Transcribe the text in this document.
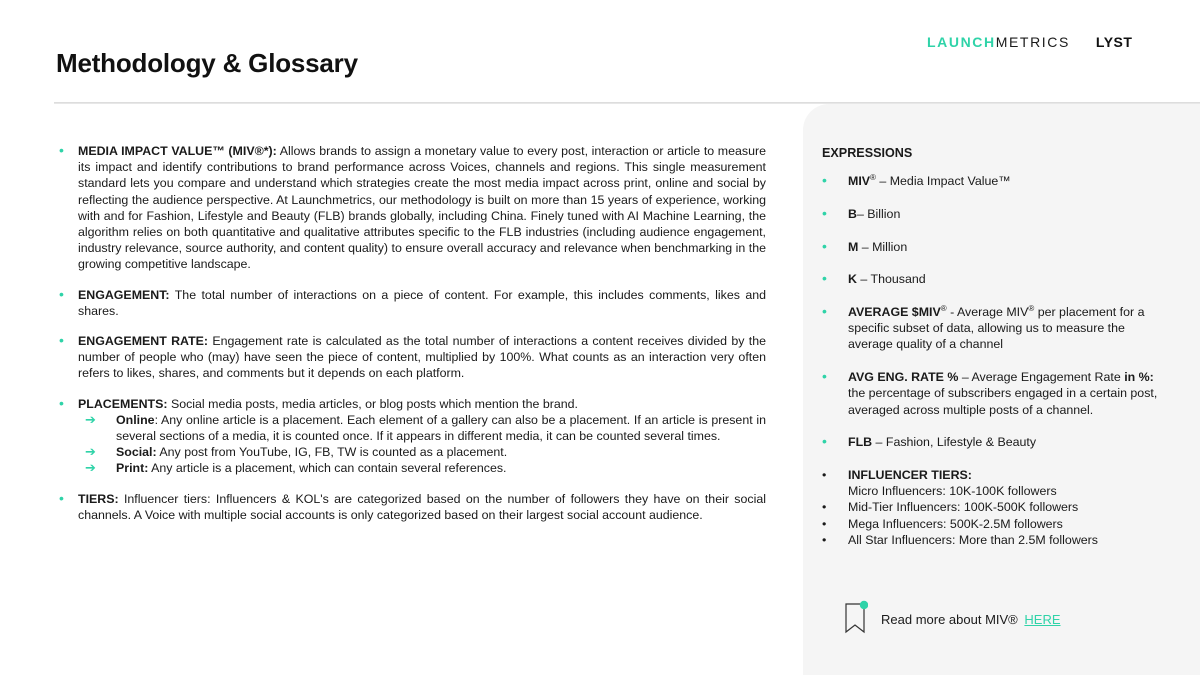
Methodology & Glossary
LAUNCHMETRICS LYST
• MEDIA IMPACT VALUE™ (MIV®*): Allows brands to assign a monetary value to every post, interaction or article to measure its impact and identify contributions to brand performance across Voices, channels and regions. This single measurement standard lets you compare and understand which strategies create the most media impact across print, online and social by reflecting the audience perspective. At Launchmetrics, our methodology is built on more than 15 years of experience, working with and for Fashion, Lifestyle and Beauty (FLB) brands globally, including China. Finely tuned with AI Machine Learning, the algorithm relies on both quantitative and qualitative attributes specific to the FLB industries (including audience engagement, industry relevance, source authority, and content quality) to ensure overall accuracy and relevance when benchmarking in the growing competitive landscape.
• ENGAGEMENT: The total number of interactions on a piece of content. For example, this includes comments, likes and shares.
• ENGAGEMENT RATE: Engagement rate is calculated as the total number of interactions a content receives divided by the number of people who (may) have seen the piece of content, multiplied by 100%. What counts as an interaction very often refers to likes, shares, and comments but it depends on each platform.
• PLACEMENTS: Social media posts, media articles, or blog posts which mention the brand.
➔ Online: Any online article is a placement. Each element of a gallery can also be a placement. If an article is present in several sections of a media, it is counted once. If it appears in different media, it can be counted several times.
➔ Social: Any post from YouTube, IG, FB, TW is counted as a placement.
➔ Print: Any article is a placement, which can contain several references.
• TIERS: Influencer tiers: Influencers & KOL's are categorized based on the number of followers they have on their social channels. A Voice with multiple social accounts is only categorized based on their largest social account audience.
EXPRESSIONS
• MIV® – Media Impact Value™
• B– Billion
• M – Million
• K – Thousand
• AVERAGE $MIV® - Average MIV® per placement for a specific subset of data, allowing us to measure the average quality of a channel
• AVG ENG. RATE % – Average Engagement Rate in %: the percentage of subscribers engaged in a certain post, averaged across multiple posts of a channel.
• FLB – Fashion, Lifestyle & Beauty
• INFLUENCER TIERS:
Micro Influencers: 10K-100K followers
• Mid-Tier Influencers: 100K-500K followers
• Mega Influencers: 500K-2.5M followers
• All Star Influencers: More than 2.5M followers
Read more about MIV® HERE
